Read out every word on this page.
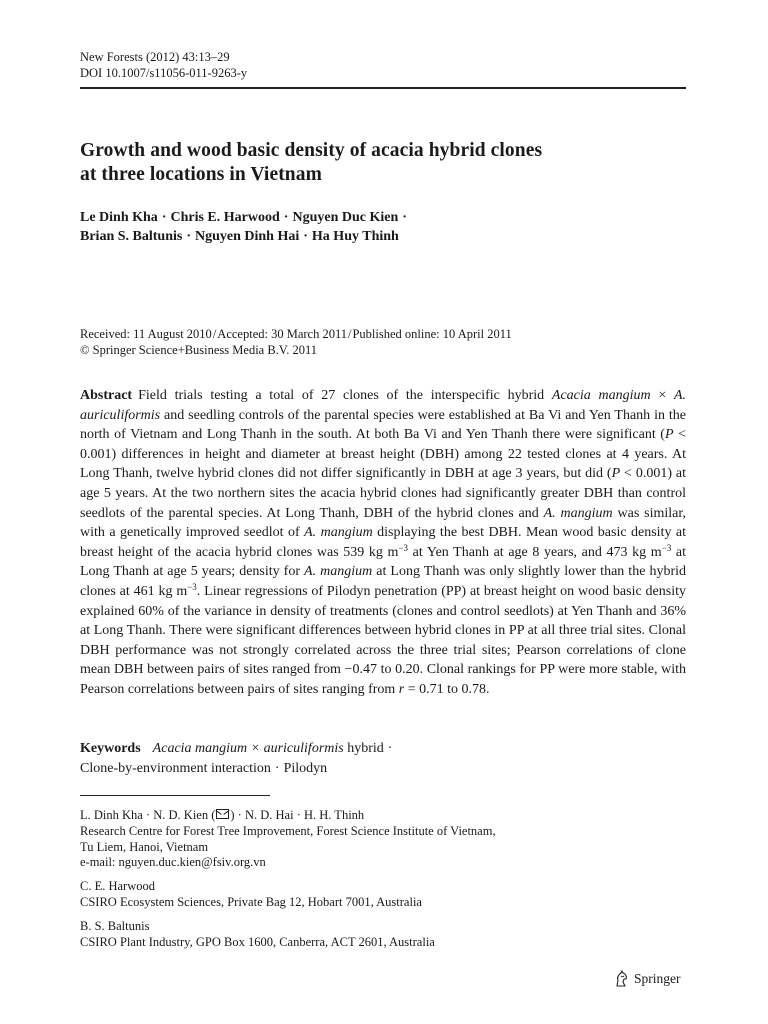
New Forests (2012) 43:13–29
DOI 10.1007/s11056-011-9263-y
Growth and wood basic density of acacia hybrid clones
at three locations in Vietnam
Le Dinh Kha · Chris E. Harwood · Nguyen Duc Kien ·
Brian S. Baltunis · Nguyen Dinh Hai · Ha Huy Thinh
Received: 11 August 2010/Accepted: 30 March 2011/Published online: 10 April 2011
© Springer Science+Business Media B.V. 2011
Abstract Field trials testing a total of 27 clones of the interspecific hybrid Acacia mangium × A. auriculiformis and seedling controls of the parental species were established at Ba Vi and Yen Thanh in the north of Vietnam and Long Thanh in the south. At both Ba Vi and Yen Thanh there were significant (P < 0.001) differences in height and diameter at breast height (DBH) among 22 tested clones at 4 years. At Long Thanh, twelve hybrid clones did not differ significantly in DBH at age 3 years, but did (P < 0.001) at age 5 years. At the two northern sites the acacia hybrid clones had significantly greater DBH than control seedlots of the parental species. At Long Thanh, DBH of the hybrid clones and A. mangium was similar, with a genetically improved seedlot of A. mangium displaying the best DBH. Mean wood basic density at breast height of the acacia hybrid clones was 539 kg $m^{-3}$ at Yen Thanh at age 8 years, and 473 kg $m^{-3}$ at Long Thanh at age 5 years; density for A. mangium at Long Thanh was only slightly lower than the hybrid clones at 461 kg $m^{-3}$. Linear regressions of Pilodyn penetration (PP) at breast height on wood basic density explained 60% of the variance in density of treatments (clones and control seedlots) at Yen Thanh and 36% at Long Thanh. There were significant differences between hybrid clones in PP at all three trial sites. Clonal DBH performance was not strongly correlated across the three trial sites; Pearson correlations of clone mean DBH between pairs of sites ranged from −0.47 to 0.20. Clonal rankings for PP were more stable, with Pearson correlations between pairs of sites ranging from r = 0.71 to 0.78.
Keywords Acacia mangium × auriculiformis hybrid ·
Clone-by-environment interaction · Pilodyn
L. Dinh Kha · N. D. Kien ( ) · N. D. Hai · H. H. Thinh
Research Centre for Forest Tree Improvement, Forest Science Institute of Vietnam,
Tu Liem, Hanoi, Vietnam
e-mail: nguyen.duc.kien@fsiv.org.vn
C. E. Harwood
CSIRO Ecosystem Sciences, Private Bag 12, Hobart 7001, Australia
B. S. Baltunis
CSIRO Plant Industry, GPO Box 1600, Canberra, ACT 2601, Australia
Springer
